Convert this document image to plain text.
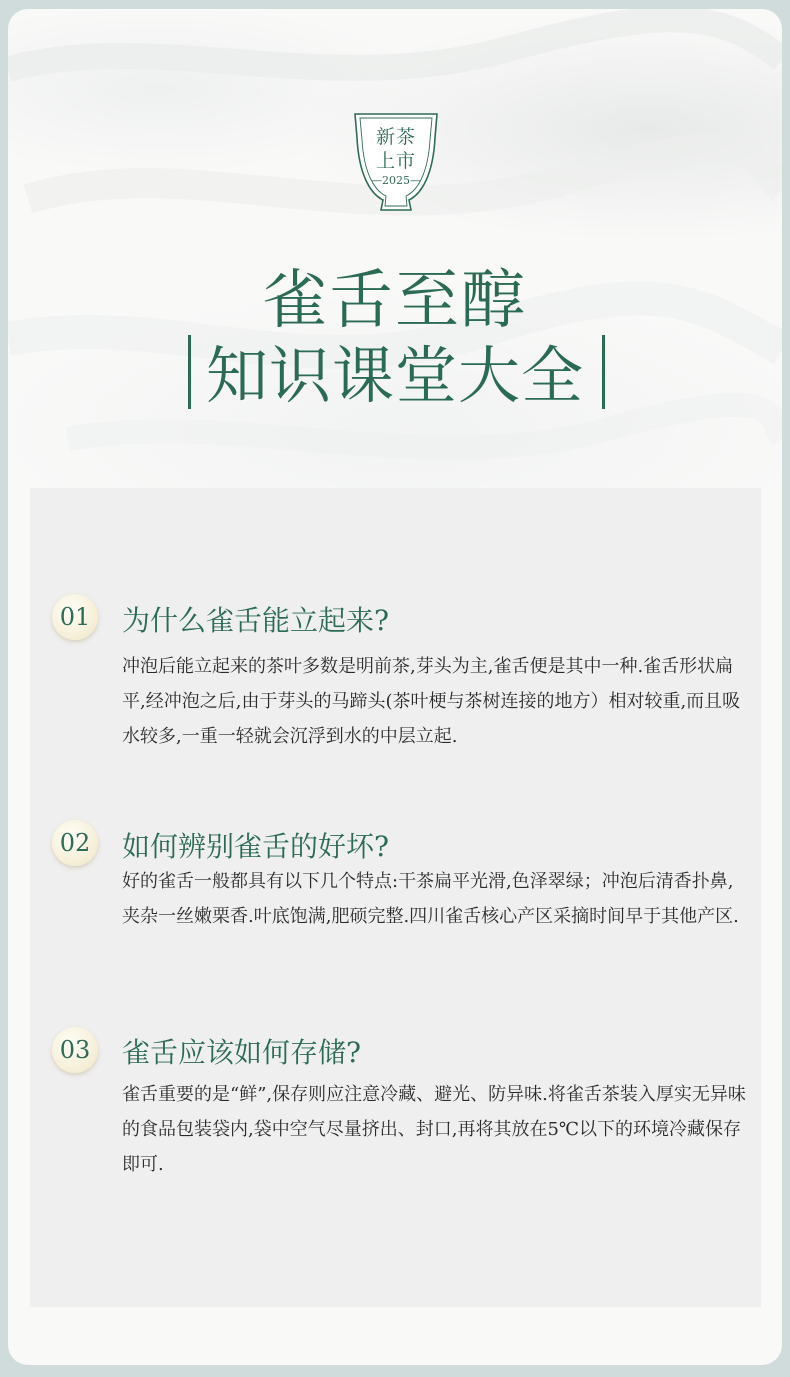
新茶
上市
—2025—
雀舌至醇
知识课堂大全
01 为什么雀舌能立起来?
冲泡后能立起来的茶叶多数是明前茶,芽头为主,雀舌便是其中一种.雀舌形状扁平,经冲泡之后,由于芽头的马蹄头(茶叶梗与茶树连接的地方）相对较重,而且吸水较多,一重一轻就会沉浮到水的中层立起.
02 如何辨别雀舌的好坏?
好的雀舌一般都具有以下几个特点:干茶扁平光滑,色泽翠绿；冲泡后清香扑鼻,夹杂一丝嫩栗香.叶底饱满,肥硕完整.四川雀舌核心产区采摘时间早于其他产区.
03 雀舌应该如何存储?
雀舌重要的是“鲜”,保存则应注意冷藏、避光、防异味.将雀舌茶装入厚实无异味的食品包装袋内,袋中空气尽量挤出、封口,再将其放在5℃以下的环境冷藏保存即可.
